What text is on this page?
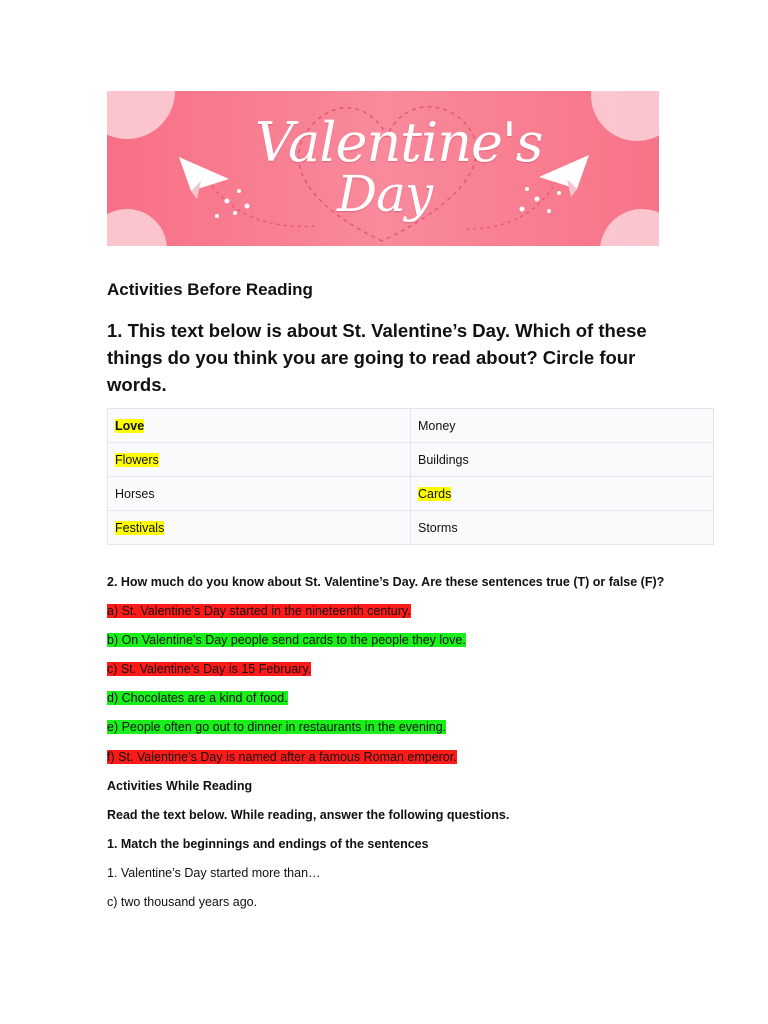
Valentine's
Day
Activities Before Reading
1. This text below is about St. Valentine’s Day. Which of these things do you think you are going to read about? Circle four words.
Love	Money
Flowers	Buildings
Horses	Cards
Festivals	Storms
2. How much do you know about St. Valentine’s Day. Are these sentences true (T) or false (F)?
a) St. Valentine’s Day started in the nineteenth century.
b) On Valentine’s Day people send cards to the people they love.
c) St. Valentine’s Day is 15 February.
d) Chocolates are a kind of food.
e) People often go out to dinner in restaurants in the evening.
f) St. Valentine’s Day is named after a famous Roman emperor.
Activities While Reading
Read the text below. While reading, answer the following questions.
1. Match the beginnings and endings of the sentences
1. Valentine’s Day started more than…
c) two thousand years ago.
